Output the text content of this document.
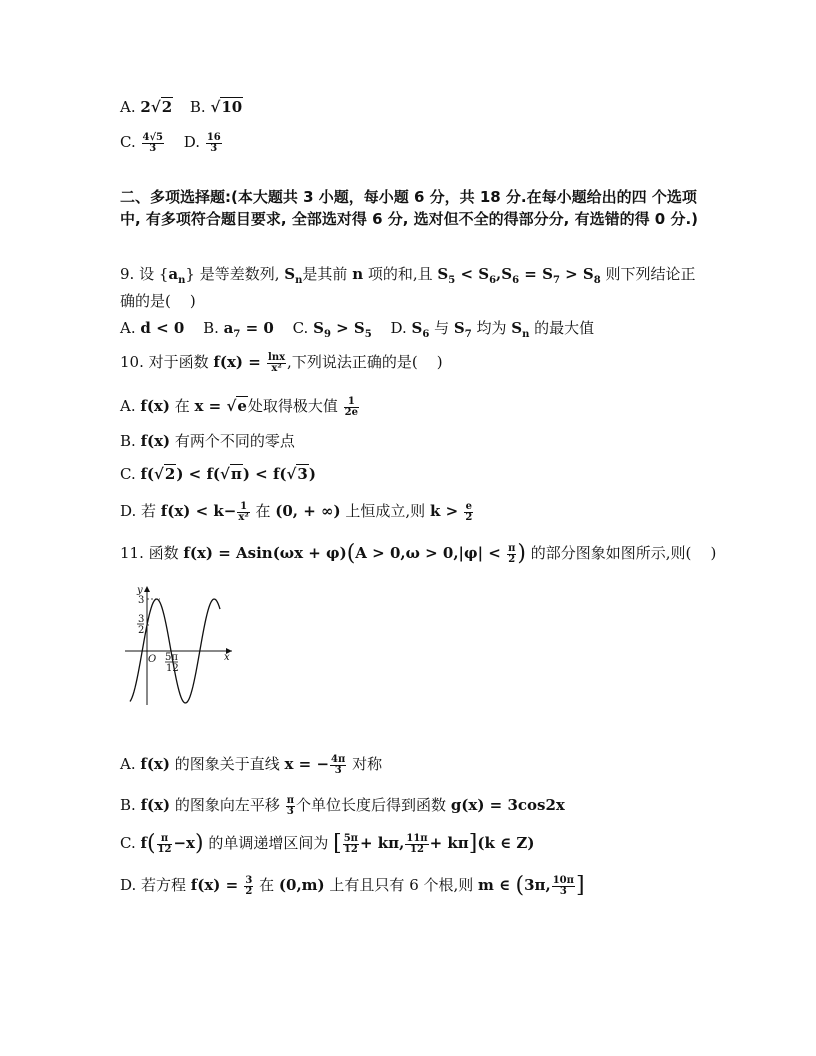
A. 2√2 B. √10
C. $\frac{4√5}{3} D$. $\frac{16}{3}$
二、多项选择题:(本大题共 3 小题，每小题 6 分，共 18 分.在每小题给出的四 个选项中, 有多项符合题目要求, 全部选对得 6 分, 选对但不全的得部分分, 有选错的得 0 分.)
9. 设 $\{a_n\}$ 是等差数列, $S_n$是其前 n 项的和,且 $S_5 < S_6,S_6 = S_7 > S_8$ 则下列结论正确的是(    )
A. d < 0 B. $a_7 = 0$ C. $S_9 > S_5$ D. $S_6$ 与 $S_7$ 均为 $S_n$ 的最大值
10. 对于函数 $f(x) = \frac{\ln x}{\text{x²}}$ ,下列说法正确的是(    )
A. f(x) 在 x = √e处取得极大值 $\frac{1}{2e}$
B. f(x) 有两个不同的零点
C. f(√2) < f(√π) < f(√3)
D. 若 $f(x) < k- \frac{1}{\text{x²}}$ 在 (0, + ∞) 上恒成立,则 $k > \frac{e}{2}$
11. 函数 $f(x) = Asin(\omega x + \varphi)(A > 0,\omega > 0,|\varphi| < \frac{\pi}{2}$ ) 的部分图象如图所示,则(    )
y
x
O
3
3
2
5π
12
A. f(x) 的图象关于直线 x = − $\frac{4\pi}{3}$ 对称
B. f(x) 的图象向左平移 $\frac{\pi}{3}$ 个单位长度后得到函数 g(x) = 3cos2x
C. $f( \frac{\pi}{12} -x)$ 的单调递增区间为 [ $\frac{5\pi}{12} + k\pi$, $\frac{11\pi}{12} + k\pi](k$ ∈ Z)
D. 若方程 $f(x) = \frac{3}{2}$ 在 (0,m) 上有且只有 6 个根,则 m ∈ (3π, $\frac{10\pi}{3}$ ]
